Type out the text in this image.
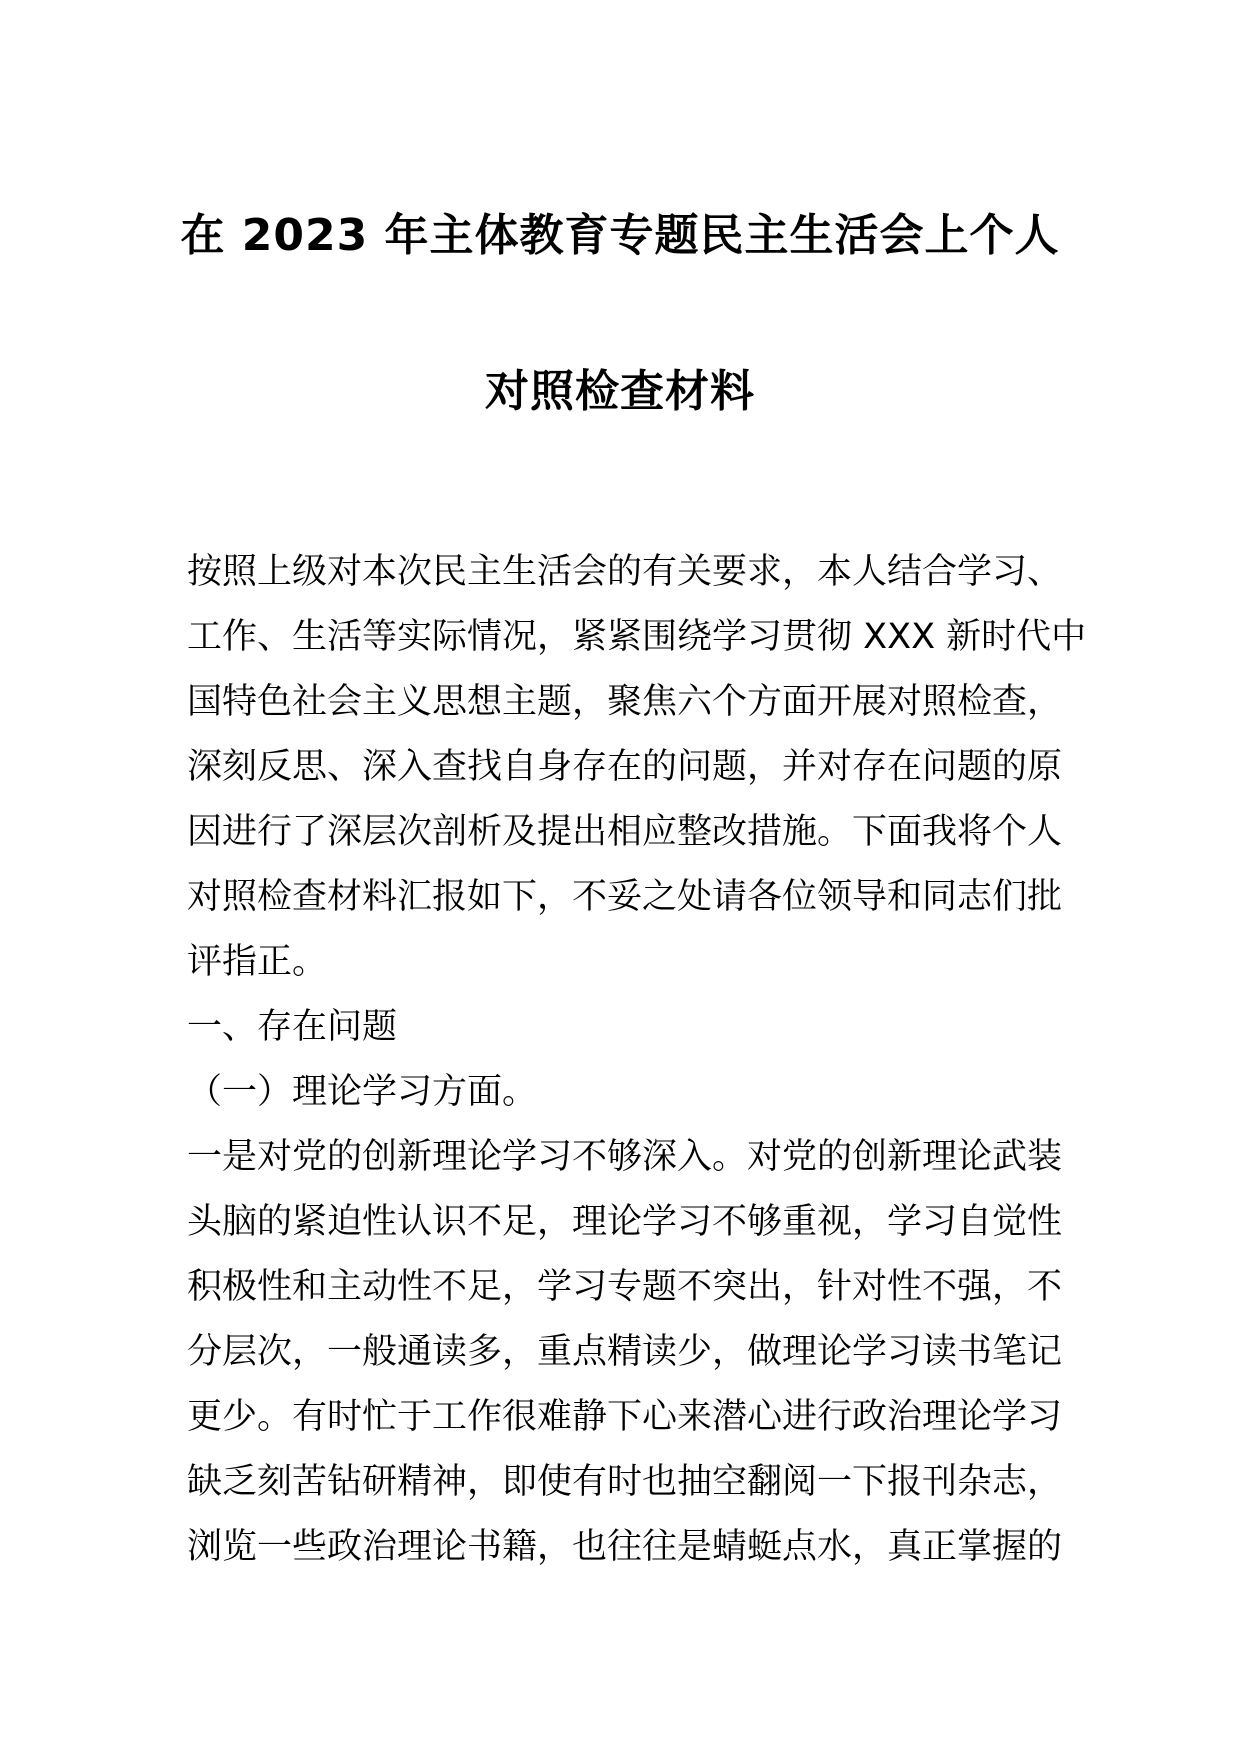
在 2023 年主体教育专题民主生活会上个人
对照检查材料
按照上级对本次民主生活会的有关要求，本人结合学习、
工作、生活等实际情况，紧紧围绕学习贯彻 XXX 新时代中
国特色社会主义思想主题，聚焦六个方面开展对照检查，
深刻反思、深入查找自身存在的问题，并对存在问题的原
因进行了深层次剖析及提出相应整改措施。下面我将个人
对照检查材料汇报如下，不妥之处请各位领导和同志们批
评指正。
一、存在问题
（一）理论学习方面。
一是对党的创新理论学习不够深入。对党的创新理论武装
头脑的紧迫性认识不足，理论学习不够重视，学习自觉性
积极性和主动性不足，学习专题不突出，针对性不强，不
分层次，一般通读多，重点精读少，做理论学习读书笔记
更少。有时忙于工作很难静下心来潜心进行政治理论学习
缺乏刻苦钻研精神，即使有时也抽空翻阅一下报刊杂志，
浏览一些政治理论书籍，也往往是蜻蜓点水，真正掌握的
